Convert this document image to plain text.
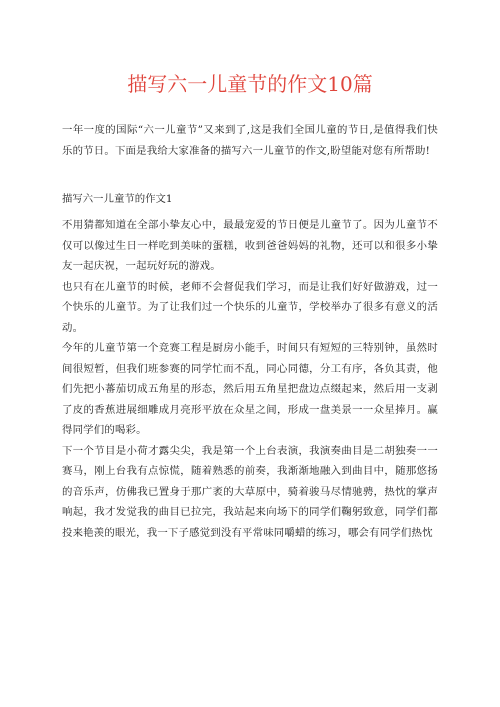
描写六一儿童节的作文10篇

一年一度的国际“六一儿童节”又来到了,这是我们全国儿童的节日,是值得我们快乐的节日。下面是我给大家准备的描写六一儿童节的作文,盼望能对您有所帮助!

描写六一儿童节的作文1

不用猜都知道在全部小挚友心中，最最宠爱的节日便是儿童节了。因为儿童节不仅可以像过生日一样吃到美味的蛋糕，收到爸爸妈妈的礼物，还可以和很多小挚友一起庆祝，一起玩好玩的游戏。

也只有在儿童节的时候，老师不会督促我们学习，而是让我们好好做游戏，过一个快乐的儿童节。为了让我们过一个快乐的儿童节，学校举办了很多有意义的活动。

今年的儿童节第一个竞赛工程是厨房小能手，时间只有短短的三特别钟，虽然时间很短暂，但我们班参赛的同学忙而不乱，同心同德，分工有序，各负其责，他们先把小蕃茄切成五角星的形态，然后用五角星把盘边点缀起来，然后用一支剥了皮的香蕉进展细雕成月亮形平放在众星之间，形成一盘美景一一众星捧月。赢得同学们的喝彩。

下一个节目是小荷才露尖尖，我是第一个上台表演，我演奏曲目是二胡独奏一一赛马，刚上台我有点惊慌，随着熟悉的前奏，我渐渐地融入到曲目中，随那悠扬的音乐声，仿佛我已置身于那广袤的大草原中，骑着骏马尽情驰骋，热忱的掌声响起，我才发觉我的曲目已拉完，我站起来向场下的同学们鞠躬致意，同学们都投来艳羡的眼光，我一下子感觉到没有平常味同嚼蜡的练习，哪会有同学们热忱
